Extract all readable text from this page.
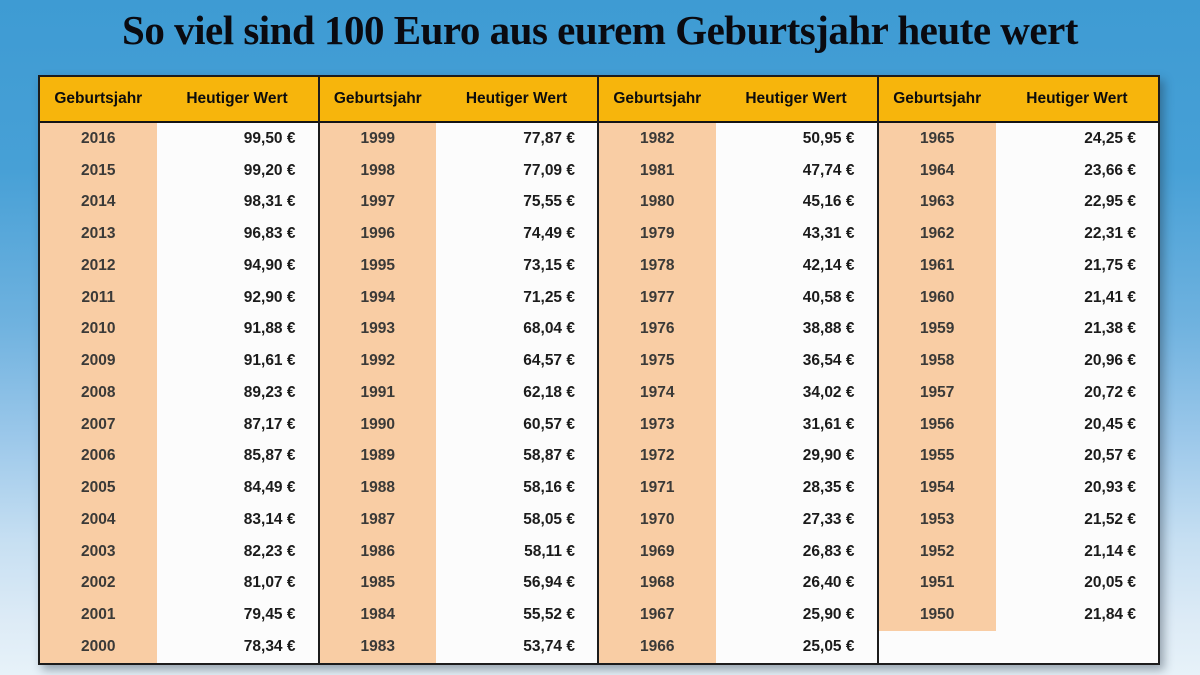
So viel sind 100 Euro aus eurem Geburtsjahr heute wert
Geburtsjahr	Heutiger Wert
2016	99,50 €
2015	99,20 €
2014	98,31 €
2013	96,83 €
2012	94,90 €
2011	92,90 €
2010	91,88 €
2009	91,61 €
2008	89,23 €
2007	87,17 €
2006	85,87 €
2005	84,49 €
2004	83,14 €
2003	82,23 €
2002	81,07 €
2001	79,45 €
2000	78,34 €
Geburtsjahr	Heutiger Wert
1999	77,87 €
1998	77,09 €
1997	75,55 €
1996	74,49 €
1995	73,15 €
1994	71,25 €
1993	68,04 €
1992	64,57 €
1991	62,18 €
1990	60,57 €
1989	58,87 €
1988	58,16 €
1987	58,05 €
1986	58,11 €
1985	56,94 €
1984	55,52 €
1983	53,74 €
Geburtsjahr	Heutiger Wert
1982	50,95 €
1981	47,74 €
1980	45,16 €
1979	43,31 €
1978	42,14 €
1977	40,58 €
1976	38,88 €
1975	36,54 €
1974	34,02 €
1973	31,61 €
1972	29,90 €
1971	28,35 €
1970	27,33 €
1969	26,83 €
1968	26,40 €
1967	25,90 €
1966	25,05 €
Geburtsjahr	Heutiger Wert
1965	24,25 €
1964	23,66 €
1963	22,95 €
1962	22,31 €
1961	21,75 €
1960	21,41 €
1959	21,38 €
1958	20,96 €
1957	20,72 €
1956	20,45 €
1955	20,57 €
1954	20,93 €
1953	21,52 €
1952	21,14 €
1951	20,05 €
1950	21,84 €
